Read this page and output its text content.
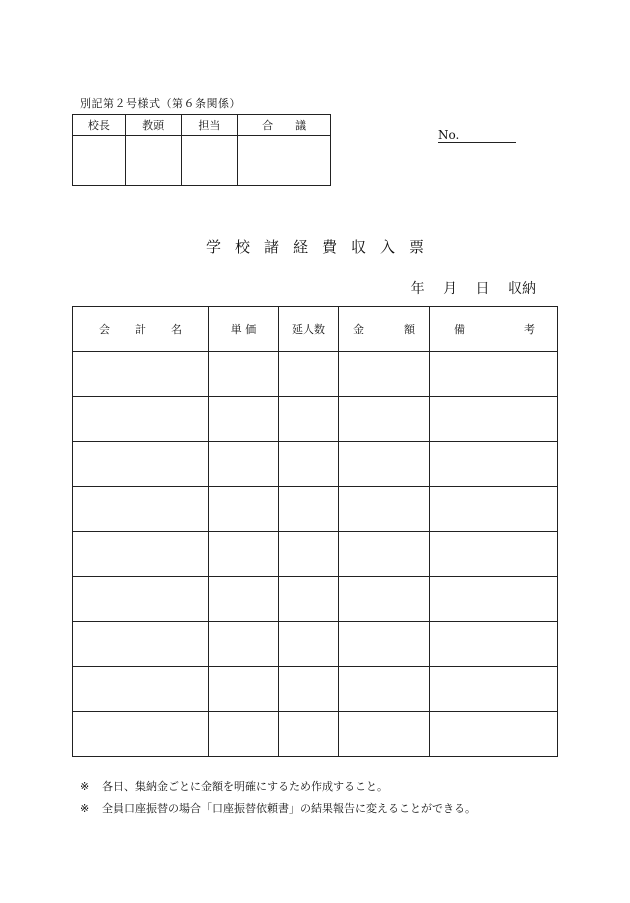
別記第２号様式（第６条関係）
校長	教頭	担当	合　　議

No.
学校諸経費収入票
年 月 日 収納
会 計 名	単 価	延人数	金 額	備 考

※	各日、集納金ごとに金額を明確にするため作成すること。
※	全員口座振替の場合「口座振替依頼書」の結果報告に変えることができる。
